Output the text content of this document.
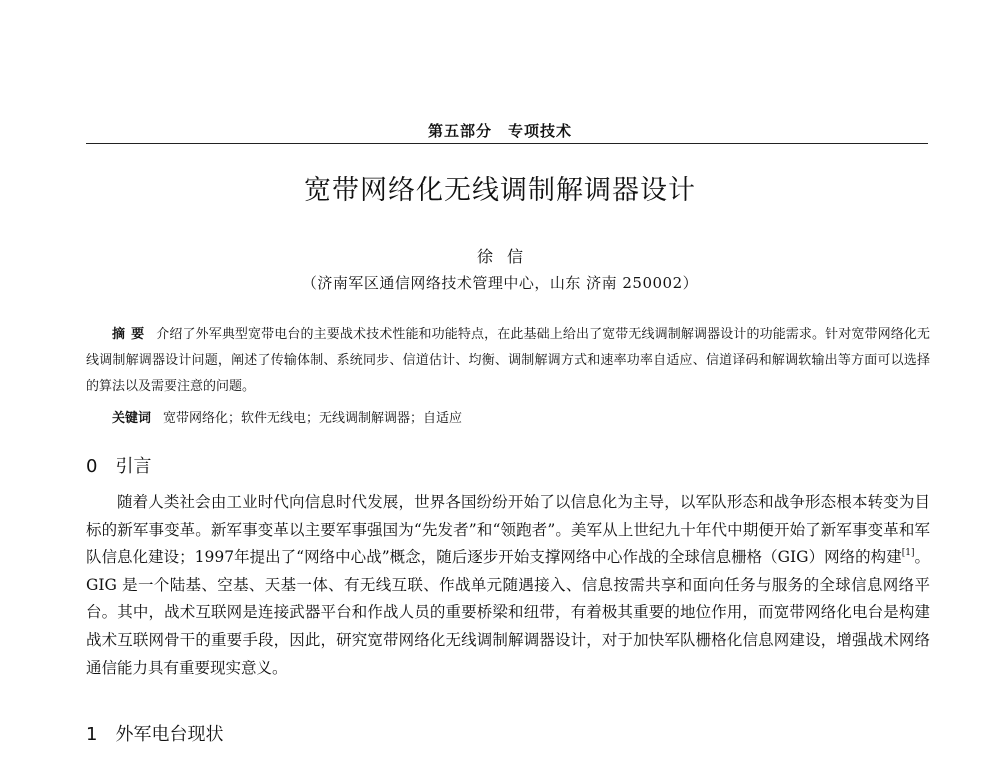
第五部分　专项技术
宽带网络化无线调制解调器设计
徐信
（济南军区通信网络技术管理中心，山东 济南 250002）
摘要 介绍了外军典型宽带电台的主要战术技术性能和功能特点，在此基础上给出了宽带无线调制解调器设计的功能需求。针对宽带网络化无线调制解调器设计问题，阐述了传输体制、系统同步、信道估计、均衡、调制解调方式和速率功率自适应、信道译码和解调软输出等方面可以选择的算法以及需要注意的问题。
关键词 宽带网络化；软件无线电；无线调制解调器；自适应
0 引言
随着人类社会由工业时代向信息时代发展，世界各国纷纷开始了以信息化为主导，以军队形态和战争形态根本转变为目标的新军事变革。新军事变革以主要军事强国为“先发者”和“领跑者”。美军从上世纪九十年代中期便开始了新军事变革和军队信息化建设；1997年提出了“网络中心战”概念，随后逐步开始支撑网络中心作战的全球信息栅格（GIG）网络的构建[1]。GIG 是一个陆基、空基、天基一体、有无线互联、作战单元随遇接入、信息按需共享和面向任务与服务的全球信息网络平台。其中，战术互联网是连接武器平台和作战人员的重要桥梁和纽带，有着极其重要的地位作用，而宽带网络化电台是构建战术互联网骨干的重要手段，因此，研究宽带网络化无线调制解调器设计，对于加快军队栅格化信息网建设，增强战术网络通信能力具有重要现实意义。
1 外军电台现状
